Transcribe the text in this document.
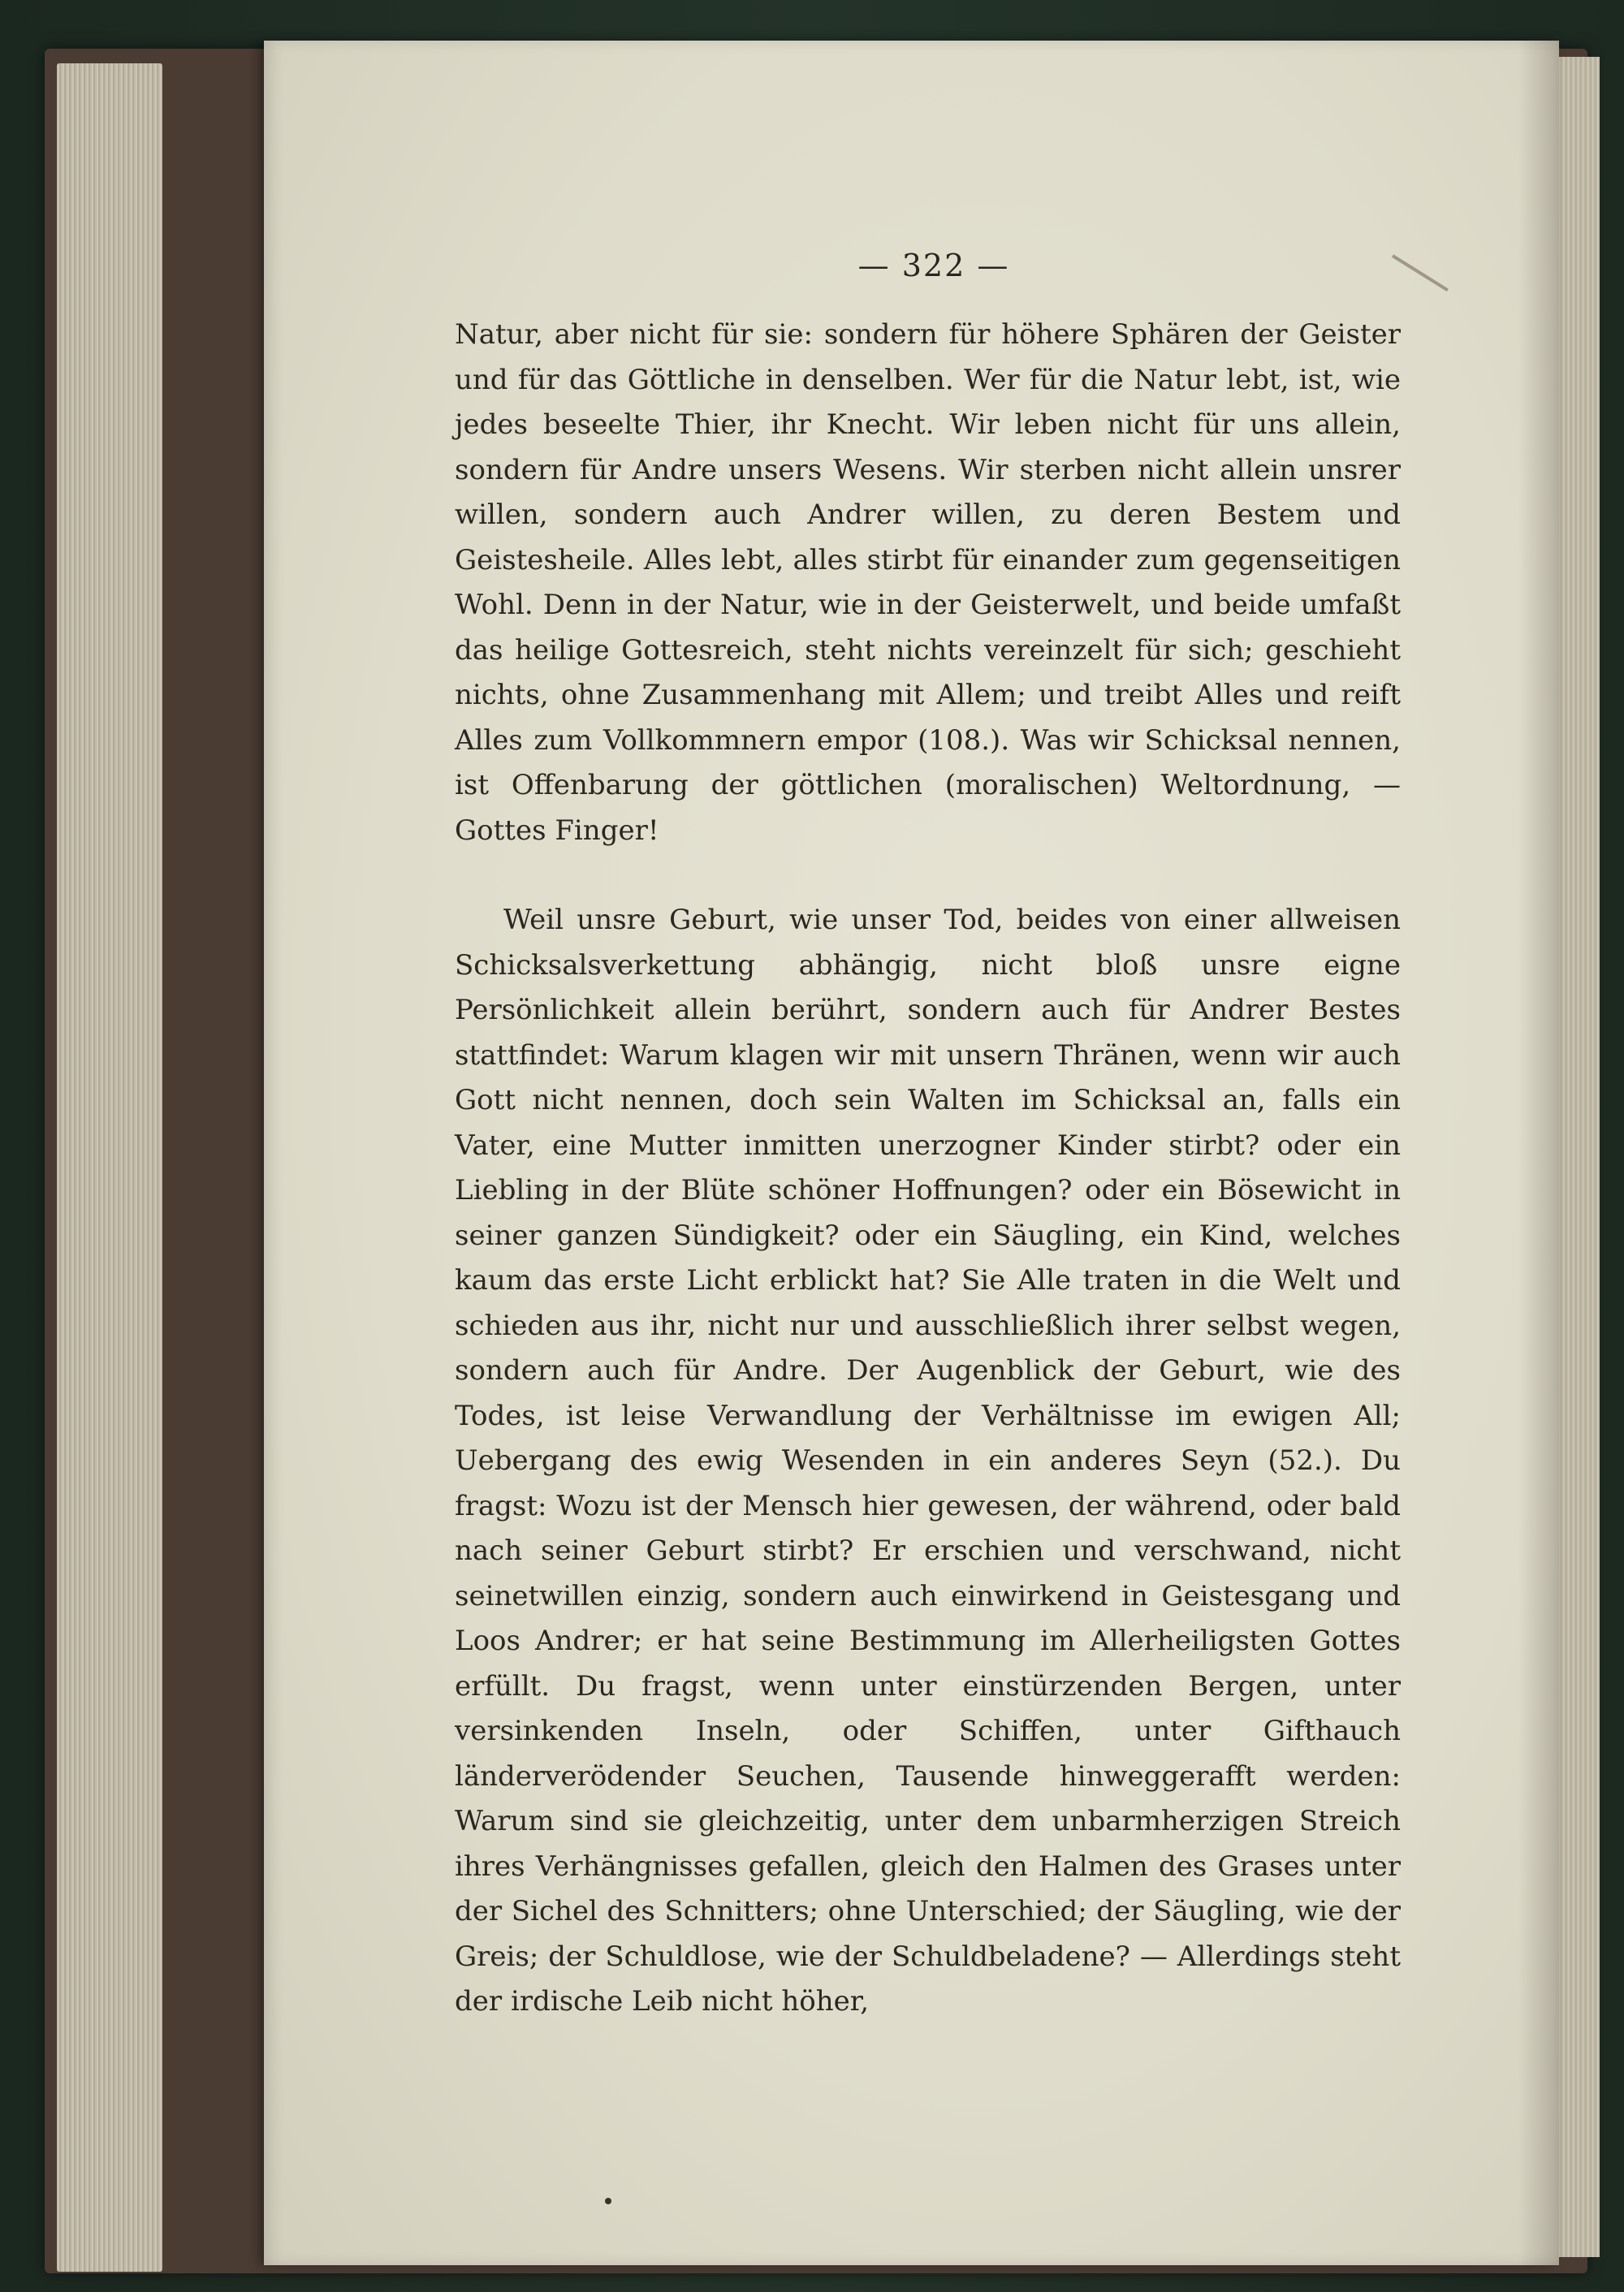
— 322 —

Natur, aber nicht für sie: sondern für höhere Sphären der Geister und für das Göttliche in denselben. Wer für die Natur lebt, ist, wie jedes beseelte Thier, ihr Knecht. Wir leben nicht für uns allein, sondern für Andre unsers Wesens. Wir sterben nicht allein unsrer willen, sondern auch Andrer willen, zu deren Bestem und Geistesheile. Alles lebt, alles stirbt für einander zum gegenseitigen Wohl. Denn in der Natur, wie in der Geisterwelt, und beide umfaßt das heilige Gottesreich, steht nichts vereinzelt für sich; geschieht nichts, ohne Zusammenhang mit Allem; und treibt Alles und reift Alles zum Vollkommnern empor (108.). Was wir Schicksal nennen, ist Offenbarung der göttlichen (moralischen) Weltordnung, — Gottes Finger!

Weil unsre Geburt, wie unser Tod, beides von einer allweisen Schicksalsverkettung abhängig, nicht bloß unsre eigne Persönlichkeit allein berührt, sondern auch für Andrer Bestes stattfindet: Warum klagen wir mit unsern Thränen, wenn wir auch Gott nicht nennen, doch sein Walten im Schicksal an, falls ein Vater, eine Mutter inmitten unerzogner Kinder stirbt? oder ein Liebling in der Blüte schöner Hoffnungen? oder ein Bösewicht in seiner ganzen Sündigkeit? oder ein Säugling, ein Kind, welches kaum das erste Licht erblickt hat? Sie Alle traten in die Welt und schieden aus ihr, nicht nur und ausschließlich ihrer selbst wegen, sondern auch für Andre. Der Augenblick der Geburt, wie des Todes, ist leise Verwandlung der Verhältnisse im ewigen All; Uebergang des ewig Wesenden in ein anderes Seyn (52.). Du fragst: Wozu ist der Mensch hier gewesen, der während, oder bald nach seiner Geburt stirbt? Er erschien und verschwand, nicht seinetwillen einzig, sondern auch einwirkend in Geistesgang und Loos Andrer; er hat seine Bestimmung im Allerheiligsten Gottes erfüllt. Du fragst, wenn unter einstürzenden Bergen, unter versinkenden Inseln, oder Schiffen, unter Gifthauch länderverödender Seuchen, Tausende hinweggerafft werden: Warum sind sie gleichzeitig, unter dem unbarmherzigen Streich ihres Verhängnisses gefallen, gleich den Halmen des Grases unter der Sichel des Schnitters; ohne Unterschied; der Säugling, wie der Greis; der Schuldlose, wie der Schuldbeladene? — Allerdings steht der irdische Leib nicht höher,
